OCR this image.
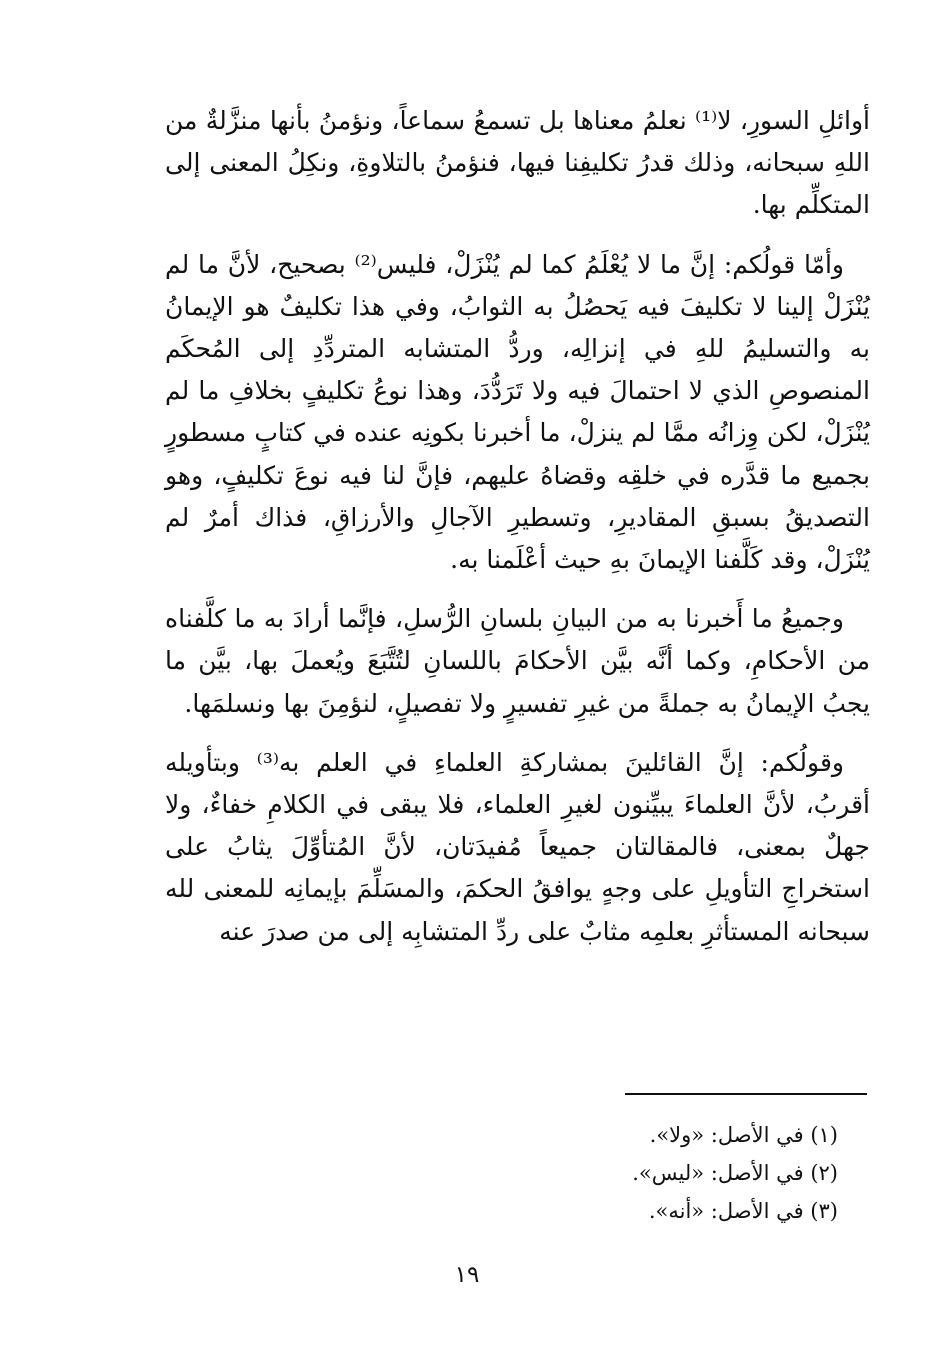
أوائلِ السورِ، لا⁽¹⁾ نعلمُ معناها بل تسمعُ سماعاً، ونؤمنُ بأنها منزَّلةٌ من اللهِ سبحانه، وذلك قدرُ تكليفِنا فيها، فنؤمنُ بالتلاوةِ، ونكِلُ المعنى إلى المتكلِّم بها.

وأمّا قولُكم: إنَّ ما لا يُعْلَمُ كما لم يُنْزَلْ، فليس⁽²⁾ بصحيح، لأنَّ ما لم يُنْزَلْ إلينا لا تكليفَ فيه يَحصُلُ به الثوابُ، وفي هذا تكليفٌ هو الإيمانُ به والتسليمُ للهِ في إنزالِه، وردُّ المتشابه المتردِّدِ إلى المُحكَم المنصوصِ الذي لا احتمالَ فيه ولا تَرَدُّدَ، وهذا نوعُ تكليفٍ بخلافِ ما لم يُنْزَلْ، لكن وِزانُه ممَّا لم ينزلْ، ما أخبرنا بكونِه عنده في كتابٍ مسطورٍ بجميع ما قدَّره في خلقِه وقضاهُ عليهم، فإنَّ لنا فيه نوعَ تكليفٍ، وهو التصديقُ بسبقِ المقاديرِ، وتسطيرِ الآجالِ والأرزاقِ، فذاك أمرٌ لم يُنْزَلْ، وقد كَلَّفنا الإيمانَ بهِ حيث أعْلَمنا به.

وجميعُ ما أَخبرنا به من البيانِ بلسانِ الرُّسلِ، فإنَّما أرادَ به ما كلَّفناه من الأحكامِ، وكما أنَّه بيَّن الأحكامَ باللسانِ لتُتَّبَعَ ويُعملَ بها، بيَّن ما يجبُ الإيمانُ به جملةً من غيرِ تفسيرٍ ولا تفصيلٍ، لنؤمِنَ بها ونسلمَها.

وقولُكم: إنَّ القائلينَ بمشاركةِ العلماءِ في العلم به⁽³⁾ وبتأويله أقربُ، لأنَّ العلماءَ يبيِّنون لغيرِ العلماء، فلا يبقى في الكلامِ خفاءٌ، ولا جهلٌ بمعنى، فالمقالتان جميعاً مُفيدَتان، لأنَّ المُتأوِّلَ يثابُ على استخراجِ التأويلِ على وجهٍ يوافقُ الحكمَ، والمسَلِّمَ بإيمانِه للمعنى لله سبحانه المستأثرِ بعلمِه مثابٌ على ردِّ المتشابِه إلى من صدرَ عنه

(١) في الأصل: «ولا».

(٢) في الأصل: «ليس».

(٣) في الأصل: «أنه».

١٩
